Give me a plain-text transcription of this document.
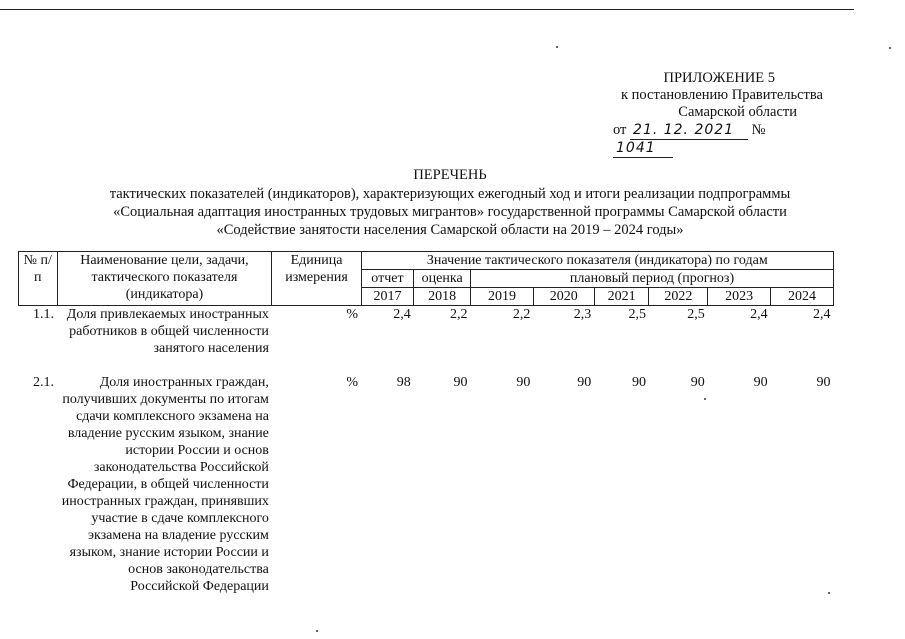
ПРИЛОЖЕНИЕ 5
к постановлению Правительства
Самарской области
от 21. 12. 2021 № 1041
ПЕРЕЧЕНЬ
тактических показателей (индикаторов), характеризующих ежегодный ход и итоги реализации подпрограммы
«Социальная адаптация иностранных трудовых мигрантов» государственной программы Самарской области
«Содействие занятости населения Самарской области на 2019 – 2024 годы»
№ п/п	Наименование цели, задачи, тактического показателя (индикатора)	Единица измерения	Значение тактического показателя (индикатора) по годам							
			отчет	оценка	плановый период (прогноз)					
			2017	2018	2019	2020	2021	2022	2023	2024
1.1.	Доля привлекаемых иностранных работников в общей численности занятого населения	%	2,4	2,2	2,2	2,3	2,5	2,5	2,4	2,4

2.1.	Доля иностранных граждан, получивших документы по итогам сдачи комплексного экзамена на владение русским языком, знание истории России и основ законодательства Российской Федерации, в общей численности иностранных граждан, принявших участие в сдаче комплексного экзамена на владение русским языком, знание истории России и основ законодательства Российской Федерации	%	98	90	90	90	90	90	90	90
